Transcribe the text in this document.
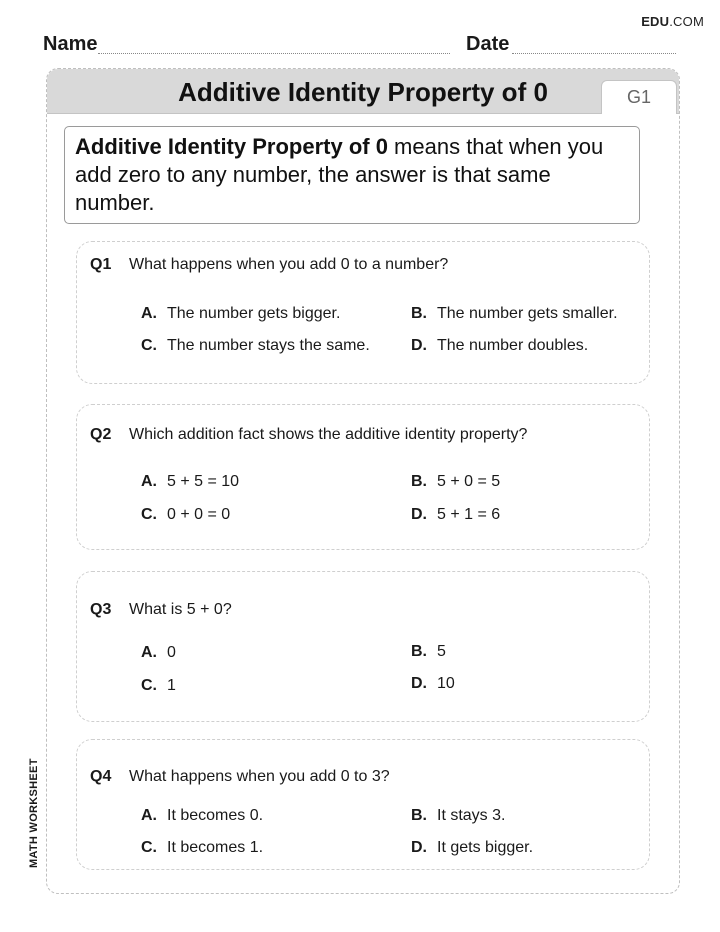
EDU.COM
Name	Date
MATH WORKSHEET
Additive Identity Property of 0	G1
Additive Identity Property of 0 means that when you add zero to any number, the answer is that same number.
Q1 What happens when you add 0 to a number?
A. The number gets bigger.	B. The number gets smaller.
C. The number stays the same.	D. The number doubles.
Q2 Which addition fact shows the additive identity property?
A. 5 + 5 = 10	B. 5 + 0 = 5
C. 0 + 0 = 0	D. 5 + 1 = 6
Q3 What is 5 + 0?
A. 0	B. 5
C. 1	D. 10
Q4 What happens when you add 0 to 3?
A. It becomes 0.	B. It stays 3.
C. It becomes 1.	D. It gets bigger.
